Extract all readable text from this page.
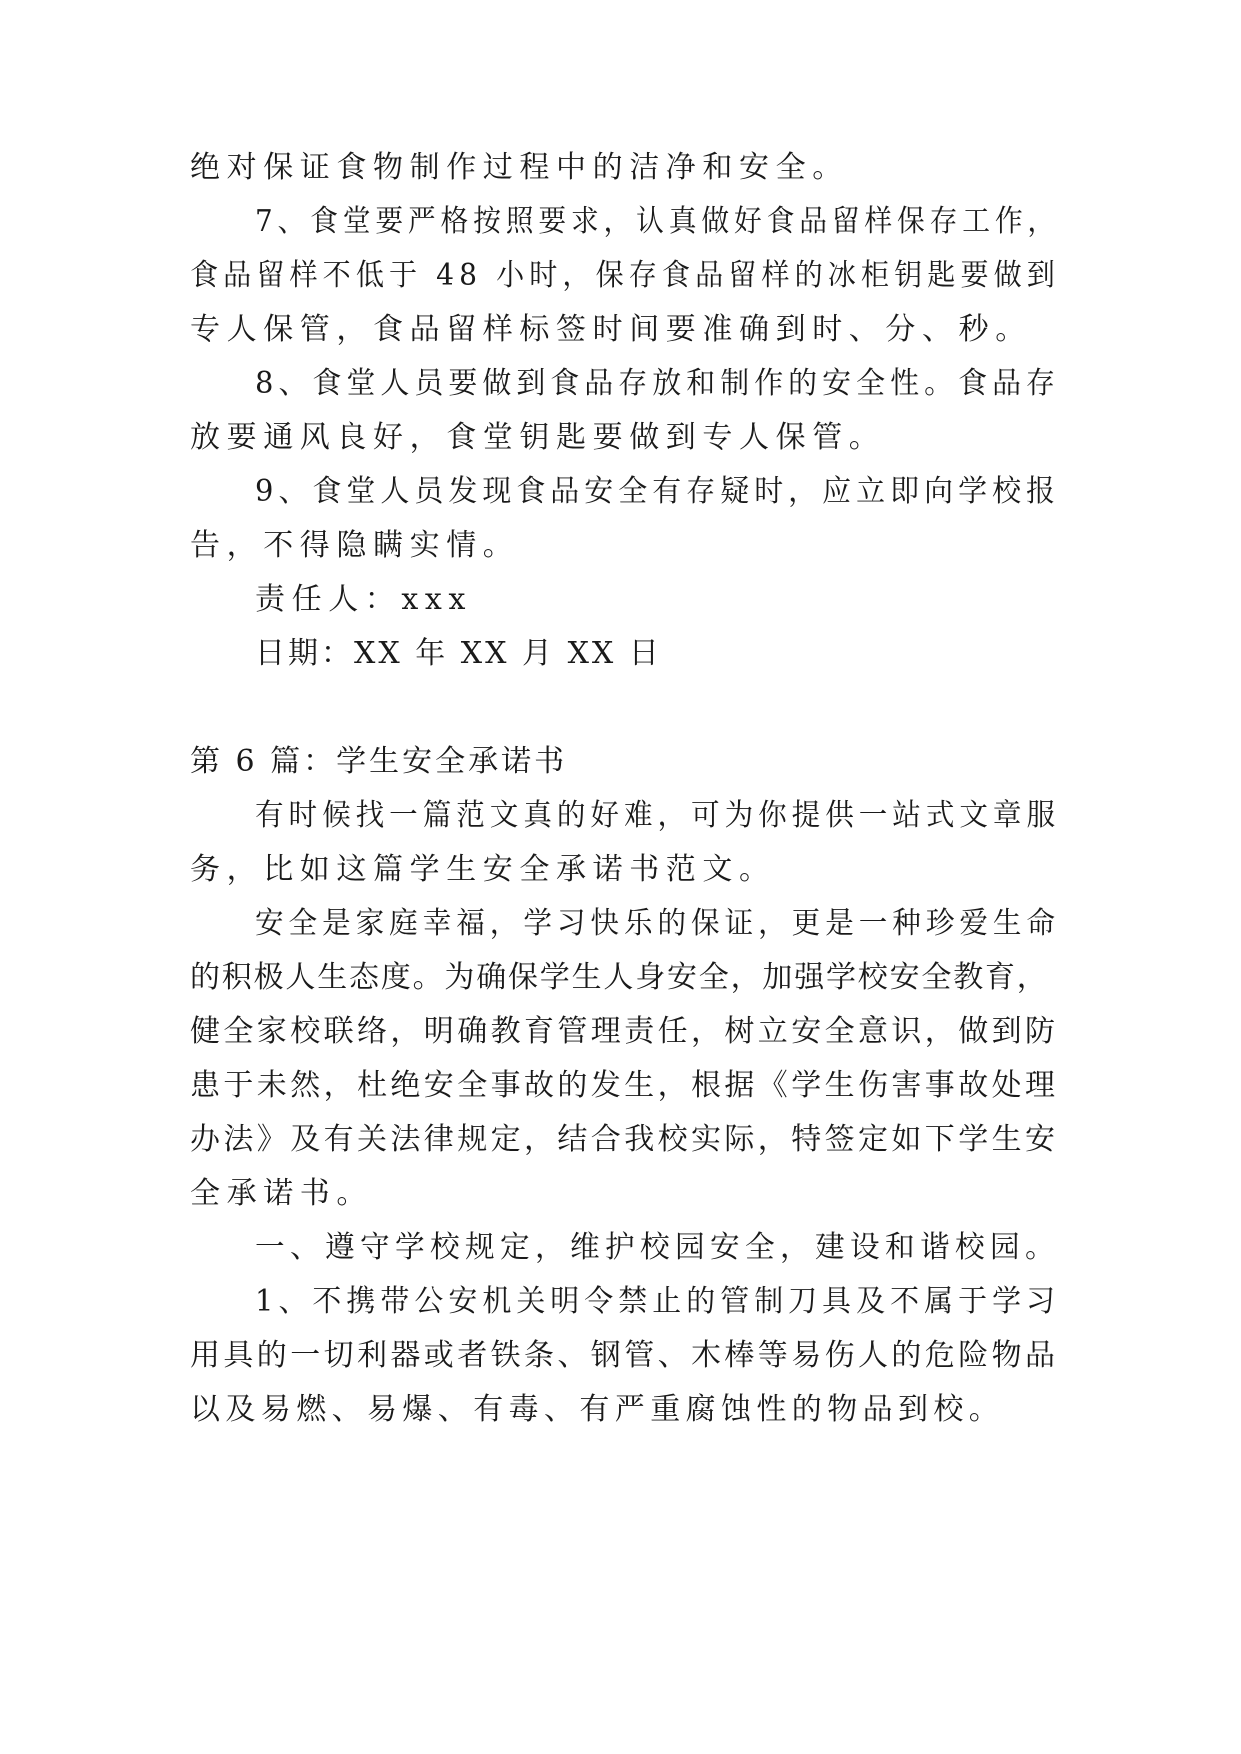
绝对保证食物制作过程中的洁净和安全。
7、食堂要严格按照要求，认真做好食品留样保存工作，
食品留样不低于 48 小时，保存食品留样的冰柜钥匙要做到
专人保管，食品留样标签时间要准确到时、分、秒。
8、食堂人员要做到食品存放和制作的安全性。食品存
放要通风良好，食堂钥匙要做到专人保管。
9、食堂人员发现食品安全有存疑时，应立即向学校报
告，不得隐瞒实情。
责任人：xxx
日期：XX 年 XX 月 XX 日
第 6 篇：学生安全承诺书
有时候找一篇范文真的好难，可为你提供一站式文章服
务，比如这篇学生安全承诺书范文。
安全是家庭幸福，学习快乐的保证，更是一种珍爱生命
的积极人生态度。为确保学生人身安全，加强学校安全教育，
健全家校联络，明确教育管理责任，树立安全意识，做到防
患于未然，杜绝安全事故的发生，根据《学生伤害事故处理
办法》及有关法律规定，结合我校实际，特签定如下学生安
全承诺书。
一、遵守学校规定，维护校园安全，建设和谐校园。
1、不携带公安机关明令禁止的管制刀具及不属于学习
用具的一切利器或者铁条、钢管、木棒等易伤人的危险物品
以及易燃、易爆、有毒、有严重腐蚀性的物品到校。
